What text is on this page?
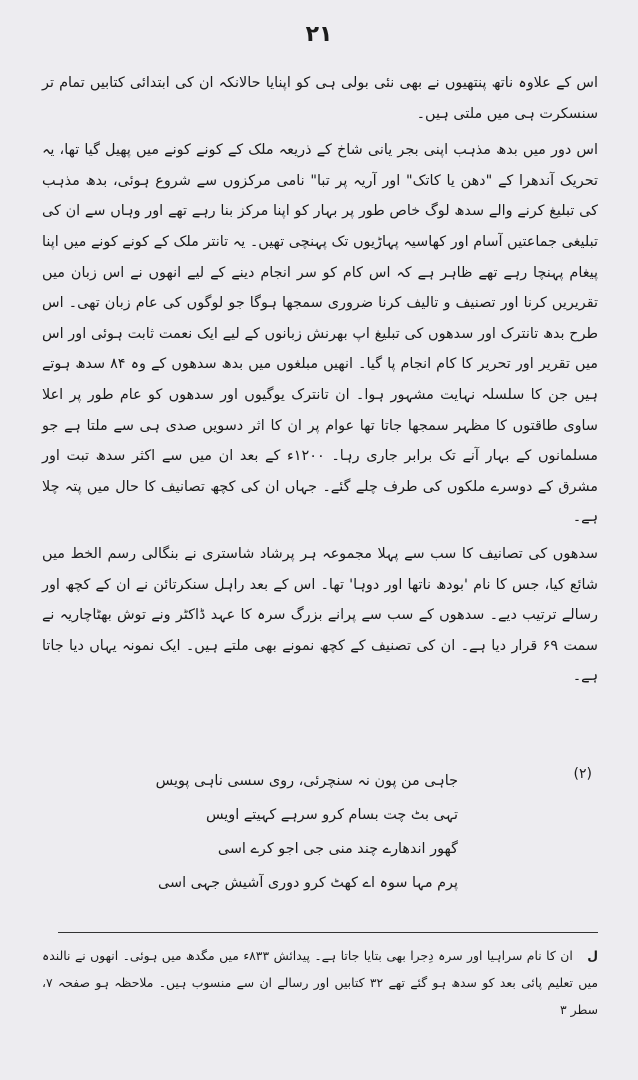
۲۱

اس کے علاوہ ناتھ پنتھیوں نے بھی نئی بولی ہی کو اپنایا حالانکہ ان کی ابتدائی کتابیں تمام تر سنسکرت ہی میں ملتی ہیں۔

اس دور میں بدھ مذہب اپنی بجر یانی شاخ کے ذریعہ ملک کے کونے کونے میں پھیل گیا تھا، یہ تحریک آندھرا کے "دھن یا کاتک" اور آریہ پر تبا" نامی مرکزوں سے شروع ہوئی، بدھ مذہب کی تبلیغ کرنے والے سدھ لوگ خاص طور پر بہار کو اپنا مرکز بنا رہے تھے اور وہاں سے ان کی تبلیغی جماعتیں آسام اور کھاسیہ پہاڑیوں تک پہنچی تھیں۔ یہ تانتر ملک کے کونے کونے میں اپنا پیغام پہنچا رہے تھے ظاہر ہے کہ اس کام کو سر انجام دینے کے لیے انھوں نے اس زبان میں تقریریں کرنا اور تصنیف و تالیف کرنا ضروری سمجھا ہوگا جو لوگوں کی عام زبان تھی۔ اس طرح بدھ تانترک اور سدھوں کی تبلیغ اپ بھرنش زبانوں کے لیے ایک نعمت ثابت ہوئی اور اس میں تقریر اور تحریر کا کام انجام پا گیا۔ انھیں مبلغوں میں بدھ سدھوں کے وہ ۸۴ سدھ ہوتے ہیں جن کا سلسلہ نہایت مشہور ہوا۔ ان تانترک یوگیوں اور سدھوں کو عام طور پر اعلا ساوی طاقتوں کا مظہر سمجھا جاتا تھا عوام پر ان کا اثر دسویں صدی ہی سے ملتا ہے جو مسلمانوں کے بہار آنے تک برابر جاری رہا۔ ۱۲۰۰ء کے بعد ان میں سے اکثر سدھ تبت اور مشرق کے دوسرے ملکوں کی طرف چلے گئے۔ جہاں ان کی کچھ تصانیف کا حال میں پتہ چلا ہے۔

سدھوں کی تصانیف کا سب سے پہلا مجموعہ ہر پرشاد شاستری نے بنگالی رسم الخط میں شائع کیا، جس کا نام 'بودھ ناتھا اور دوہا' تھا۔ اس کے بعد راہل سنکرتائن نے ان کے کچھ اور رسالے ترتیب دیے۔ سدھوں کے سب سے پرانے بزرگ سرہ کا عہد ڈاکٹر ونے توش بھٹاچاریہ نے سمت ۶۹ قرار دیا ہے۔ ان کی تصنیف کے کچھ نمونے بھی ملتے ہیں۔ ایک نمونہ یہاں دیا جاتا ہے۔

(۲)
جاہی من پون نہ سنچرئی، روی سسی ناہی پویس
تہی بٹ چت بسام کرو سرہے کہیتے اویس
گھور اندھارے چند منی جی اجو کرے اسی
پرم مہا سوہ اے کھٹ کرو دوری آشیش جہی اسی
ل ان کا نام سراہیا اور سرہ دِجرا بھی بتایا جاتا ہے۔ پیدائش ۸۳۳ء میں مگدھ میں ہوئی۔ انھوں نے نالندہ میں تعلیم پائی بعد کو سدھ ہو گئے تھے ۳۲ کتابیں اور رسالے ان سے منسوب ہیں۔ ملاحظہ ہو صفحہ ۷، سطر ۳
